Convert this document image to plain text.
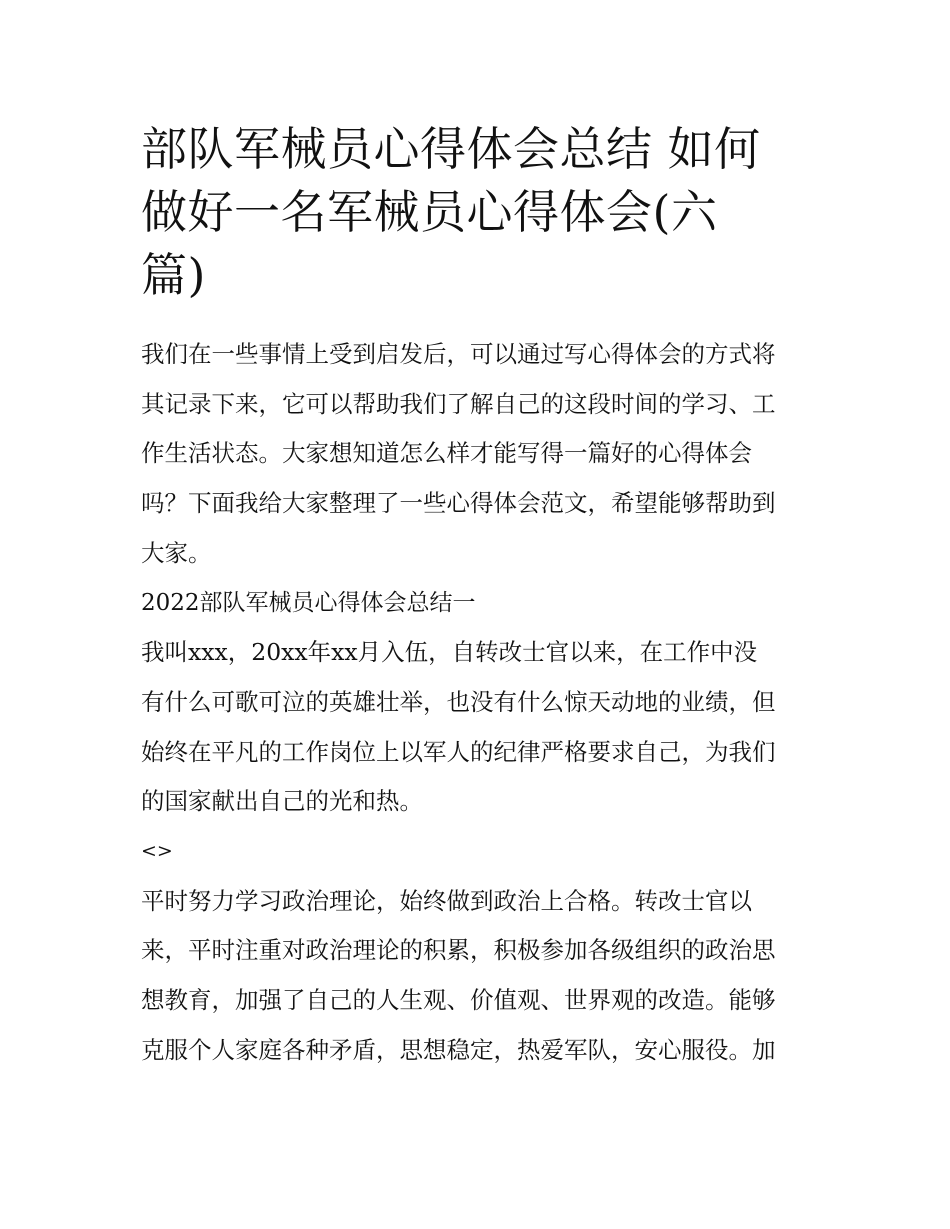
部队军械员心得体会总结 如何
做好一名军械员心得体会(六
篇)

我们在一些事情上受到启发后，可以通过写心得体会的方式将
其记录下来，它可以帮助我们了解自己的这段时间的学习、工
作生活状态。大家想知道怎么样才能写得一篇好的心得体会
吗？下面我给大家整理了一些心得体会范文，希望能够帮助到
大家。

2022部队军械员心得体会总结一

我叫xxx，20xx年xx月入伍，自转改士官以来，在工作中没
有什么可歌可泣的英雄壮举，也没有什么惊天动地的业绩，但
始终在平凡的工作岗位上以军人的纪律严格要求自己，为我们
的国家献出自己的光和热。

<>

平时努力学习政治理论，始终做到政治上合格。转改士官以
来，平时注重对政治理论的积累，积极参加各级组织的政治思
想教育，加强了自己的人生观、价值观、世界观的改造。能够
克服个人家庭各种矛盾，思想稳定，热爱军队，安心服役。加
